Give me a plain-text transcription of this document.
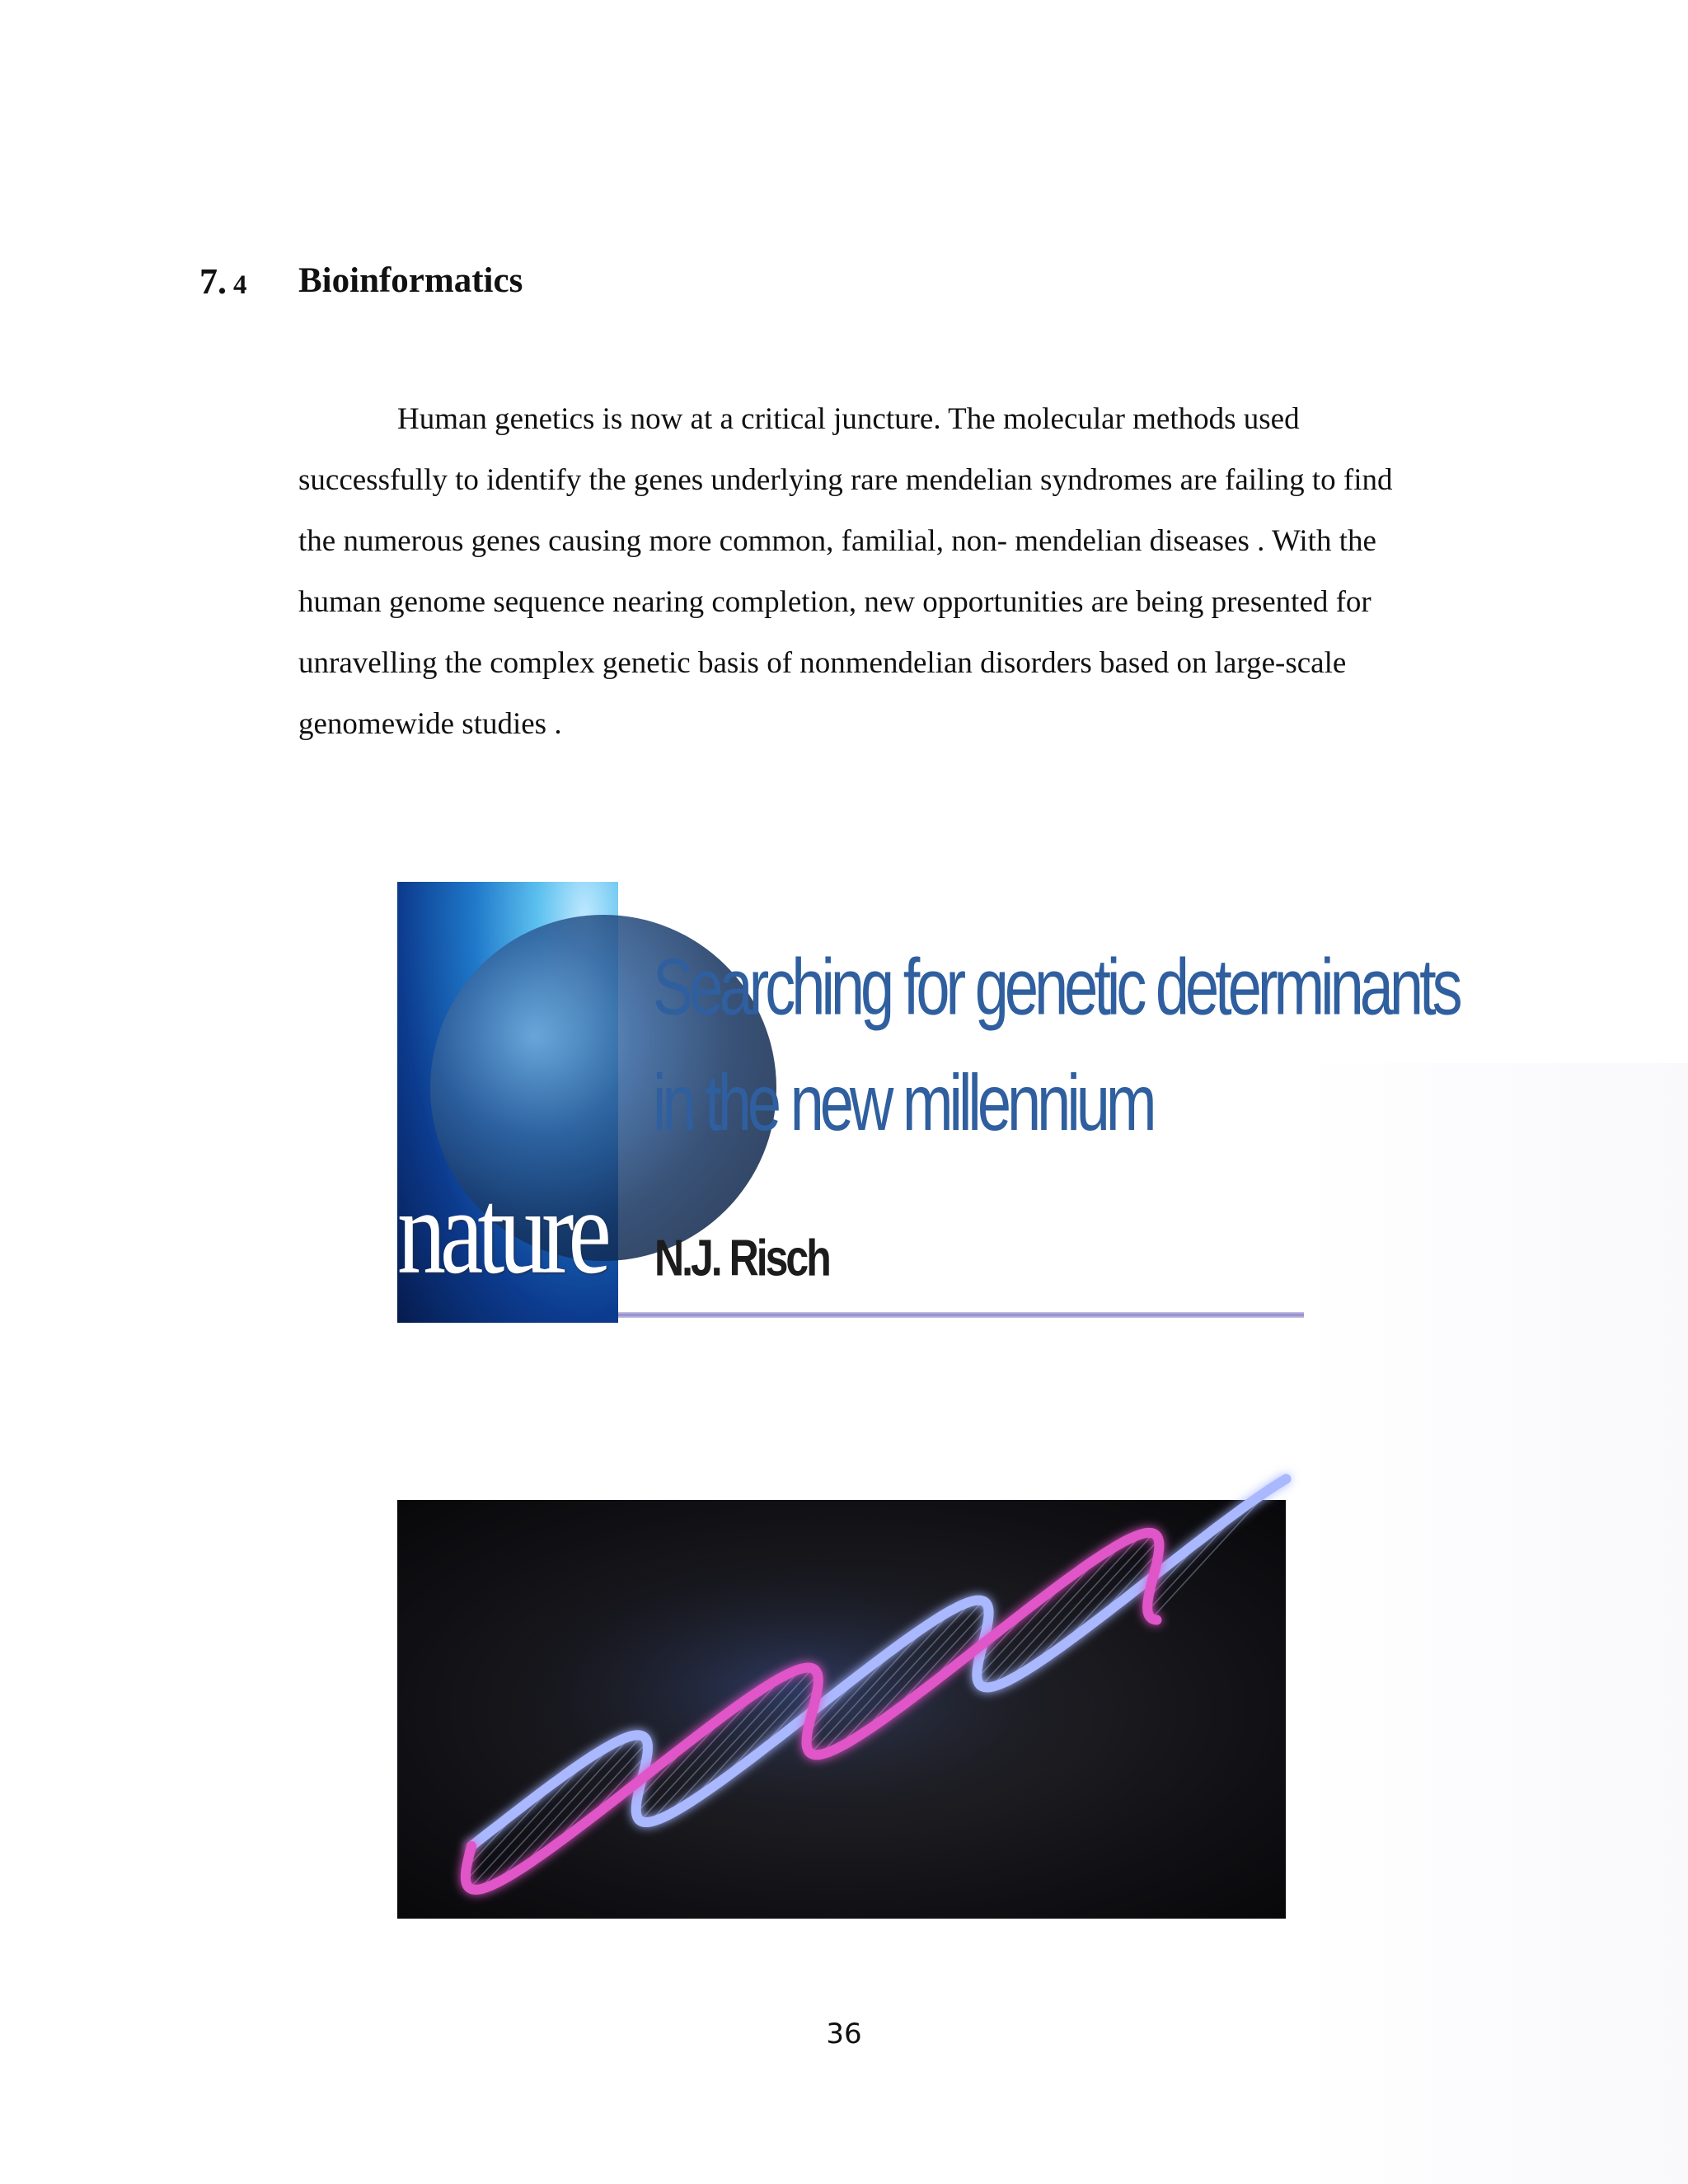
7. 4 Bioinformatics

Human genetics is now at a critical juncture. The molecular methods used
successfully to identify the genes underlying rare mendelian syndromes are failing to find
the numerous genes causing more common, familial, non- mendelian diseases . With the
human genome sequence nearing completion, new opportunities are being presented for
unravelling the complex genetic basis of nonmendelian disorders based on large-scale
genomewide studies .

nature
Searching for genetic determinants
in the new millennium
N.J. Risch
36
